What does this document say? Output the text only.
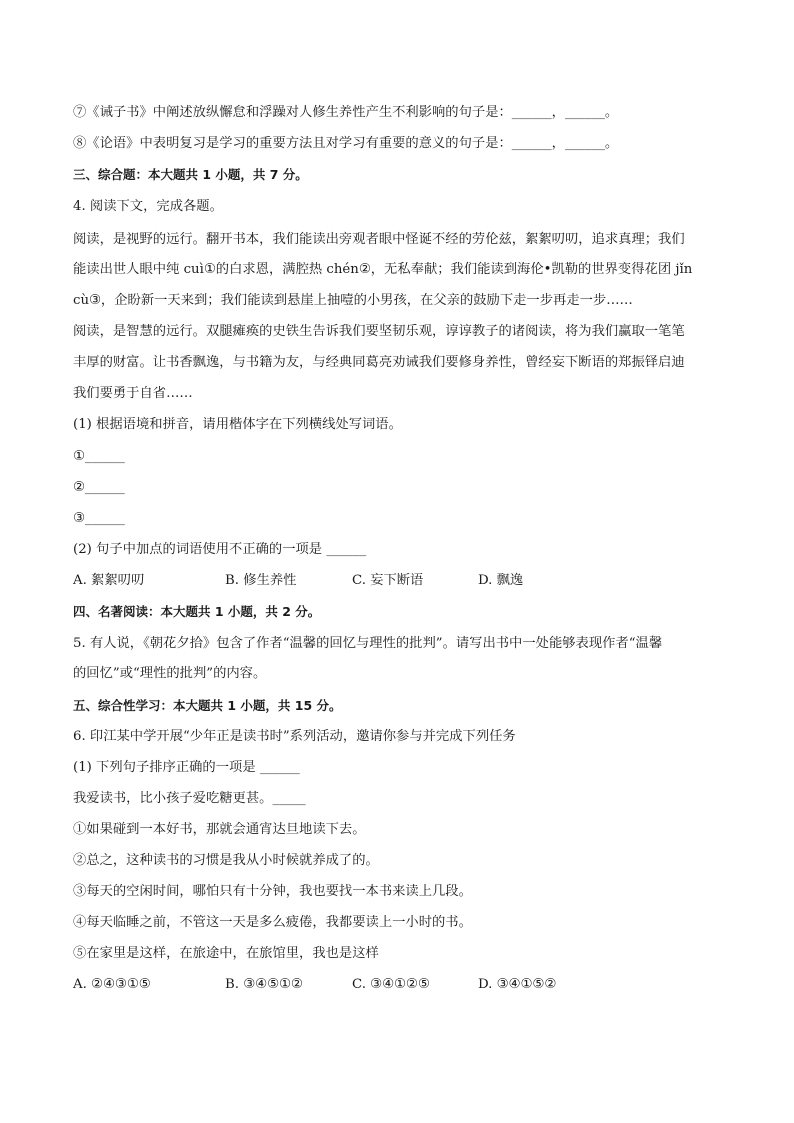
⑦《诫子书》中阐述放纵懈怠和浮躁对人修生养性产生不利影响的句子是：______，______。
⑧《论语》中表明复习是学习的重要方法且对学习有重要的意义的句子是：______，______。
三、综合题：本大题共 1 小题，共 7 分。
4. 阅读下文，完成各题。
阅读，是视野的远行。翻开书本，我们能读出旁观者眼中怪诞不经的劳伦兹，絮絮叨叨，追求真理；我们
能读出世人眼中纯 cuì①的白求恩，满腔热 chén②，无私奉献；我们能读到海伦•凯勒的世界变得花团 jǐn
cù③，企盼新一天来到；我们能读到悬崖上抽噎的小男孩，在父亲的鼓励下走一步再走一步……
阅读，是智慧的远行。双腿瘫痪的史铁生告诉我们要坚韧乐观，谆谆教子的诸阅读，将为我们赢取一笔笔
丰厚的财富。让书香飘逸，与书籍为友，与经典同葛亮劝诫我们要修身养性，曾经妄下断语的郑振铎启迪
我们要勇于自省……
(1) 根据语境和拼音，请用楷体字在下列横线处写词语。
①______
②______
③______
(2) 句子中加点的词语使用不正确的一项是 ______
A. 絮絮叨叨	B. 修生养性	C. 妄下断语	D. 飘逸
四、名著阅读：本大题共 1 小题，共 2 分。
5. 有人说，《朝花夕拾》包含了作者“温馨的回忆与理性的批判”。请写出书中一处能够表现作者“温馨
的回忆”或“理性的批判”的内容。
五、综合性学习：本大题共 1 小题，共 15 分。
6. 印江某中学开展“少年正是读书时”系列活动，邀请你参与并完成下列任务
(1) 下列句子排序正确的一项是 ______
我爱读书，比小孩子爱吃糖更甚。_____
①如果碰到一本好书，那就会通宵达旦地读下去。
②总之，这种读书的习惯是我从小时候就养成了的。
③每天的空闲时间，哪怕只有十分钟，我也要找一本书来读上几段。
④每天临睡之前，不管这一天是多么疲倦，我都要读上一小时的书。
⑤在家里是这样，在旅途中，在旅馆里，我也是这样
A. ②④③①⑤	B. ③④⑤①②	C. ③④①②⑤	D. ③④①⑤②
